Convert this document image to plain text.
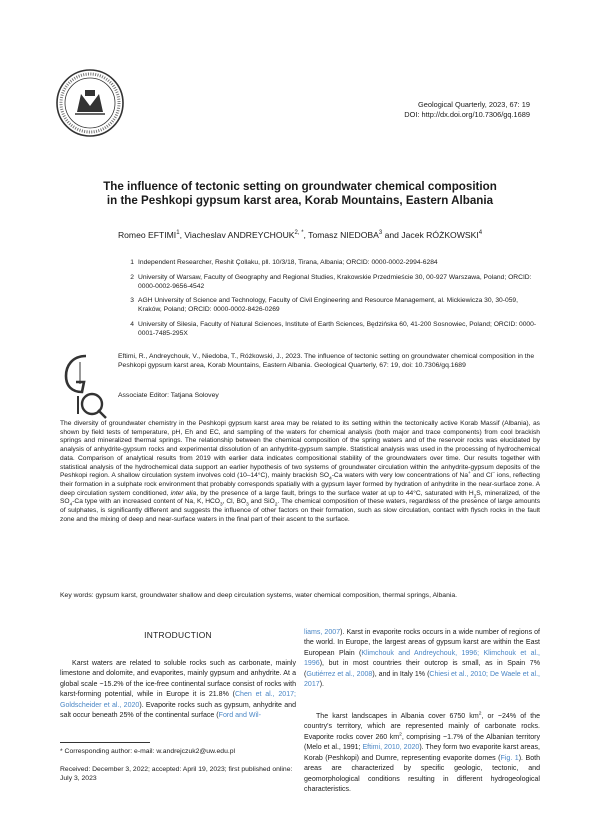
Geological Quarterly, 2023, 67: 19
DOI: http://dx.doi.org/10.7306/gq.1689
The influence of tectonic setting on groundwater chemical composition
in the Peshkopi gypsum karst area, Korab Mountains, Eastern Albania
Romeo EFTIMI$^1$, Viacheslav $ANDREYCHOUK^{2, *}$, Tomasz NIEDOBA$^3$ and Jacek RÓŻKOWSKI$^4$
1 Independent Researcher, Reshit Çollaku, pll. 10/3/18, Tirana, Albania; ORCID: 0000-0002-2994-6284
2 University of Warsaw, Faculty of Geography and Regional Studies, Krakowskie Przedmieście 30, 00-927 Warszawa, Poland; ORCID: 0000-0002-9656-4542
3 AGH University of Science and Technology, Faculty of Civil Engineering and Resource Management, al. Mickiewicza 30, 30-059, Kraków, Poland; ORCID: 0000-0002-8426-0269
4 University of Silesia, Faculty of Natural Sciences, Institute of Earth Sciences, Będzińska 60, 41-200 Sosnowiec, Poland; ORCID: 0000-0001-7485-295X
Eftimi, R., Andreychouk, V., Niedoba, T., Różkowski, J., 2023. The influence of tectonic setting on groundwater chemical composition in the Peshkopi gypsum karst area, Korab Mountains, Eastern Albania. Geological Quarterly, 67: 19, doi: 10.7306/gq.1689
Associate Editor: Tatjana Solovey
The diversity of groundwater chemistry in the Peshkopi gypsum karst area may be related to its setting within the tectonically active Korab Massif (Albania), as shown by field tests of temperature, pH, Eh and EC, and sampling of the waters for chemical analysis (both major and trace components) from cool brackish springs and mineralized thermal springs. The relationship between the chemical composition of the spring waters and of the reservoir rocks was elucidated by analysis of anhydrite-gypsum rocks and experimental dissolution of an anhydrite-gypsum sample. Statistical analysis was used in the processing of hydrochemical data. Comparison of analytical results from 2019 with earlier data indicates compositional stability of the groundwaters over time. Our results together with statistical analysis of the hydrochemical data support an earlier hypothesis of two systems of groundwater circulation within the anhydrite-gypsum deposits of the Peshkopi region. A shallow circulation system involves cold (10–14°C), mainly brackish $SO_4-Ca$ waters with very low concentrations of Na+ and Cl– ions, reflecting their formation in a sulphate rock environment that probably corresponds spatially with a gypsum layer formed by hydration of anhydrite in the near-surface zone. A deep circulation system conditioned, inter alia, by the presence of a large fault, brings to the surface water at up to 44°C, saturated with $H_2S$, mineralized, of the $SO_4-Ca$ type with an increased content of Na, K, $HCO_3$, Cl, $BO_3$ and SiO$_2$. The chemical composition of these waters, regardless of the presence of large amounts of sulphates, is significantly different and suggests the influence of other factors on their formation, such as slow circulation, contact with flysch rocks in the fault zone and the mixing of deep and near-surface waters in the final part of their ascent to the surface.
Key words: gypsum karst, groundwater shallow and deep circulation systems, water chemical composition, thermal springs, Albania.
INTRODUCTION
Karst waters are related to soluble rocks such as carbonate, mainly limestone and dolomite, and evaporites, mainly gypsum and anhydrite. At a global scale ~15.2% of the ice-free continental surface consist of rocks with karst-forming potential, while in Europe it is 21.8% (Chen et al., 2017; Goldscheider et al., 2020). Evaporite rocks such as gypsum, anhydrite and salt occur beneath 25% of the continental surface (Ford and Wil-
* Corresponding author: e-mail: w.andrejczuk2@uw.edu.pl
Received: December 3, 2022; accepted: April 19, 2023; first published online: July 3, 2023
liams, 2007). Karst in evaporite rocks occurs in a wide number of regions of the world. In Europe, the largest areas of gypsum karst are within the East European Plain (Klimchouk and Andreychouk, 1996; Klimchouk et al., 1996), but in most countries their outcrop is small, as in Spain 7% (Gutiérrez et al., 2008), and in Italy 1% (Chiesi et al., 2010; De Waele et al., 2017).
The karst landscapes in Albania cover 6750 $km^2$, or ~24% of the country's territory, which are represented mainly of carbonate rocks. Evaporite rocks cover 260 $km^2$, comprising ~1.7% of the Albanian territory (Melo et al., 1991; Eftimi, 2010, 2020). They form two evaporite karst areas, Korab (Peshkopi) and Dumre, representing evaporite domes (Fig. 1). Both areas are characterized by specific geologic, tectonic, and geomorphological conditions resulting in different hydrogeological characteristics.
